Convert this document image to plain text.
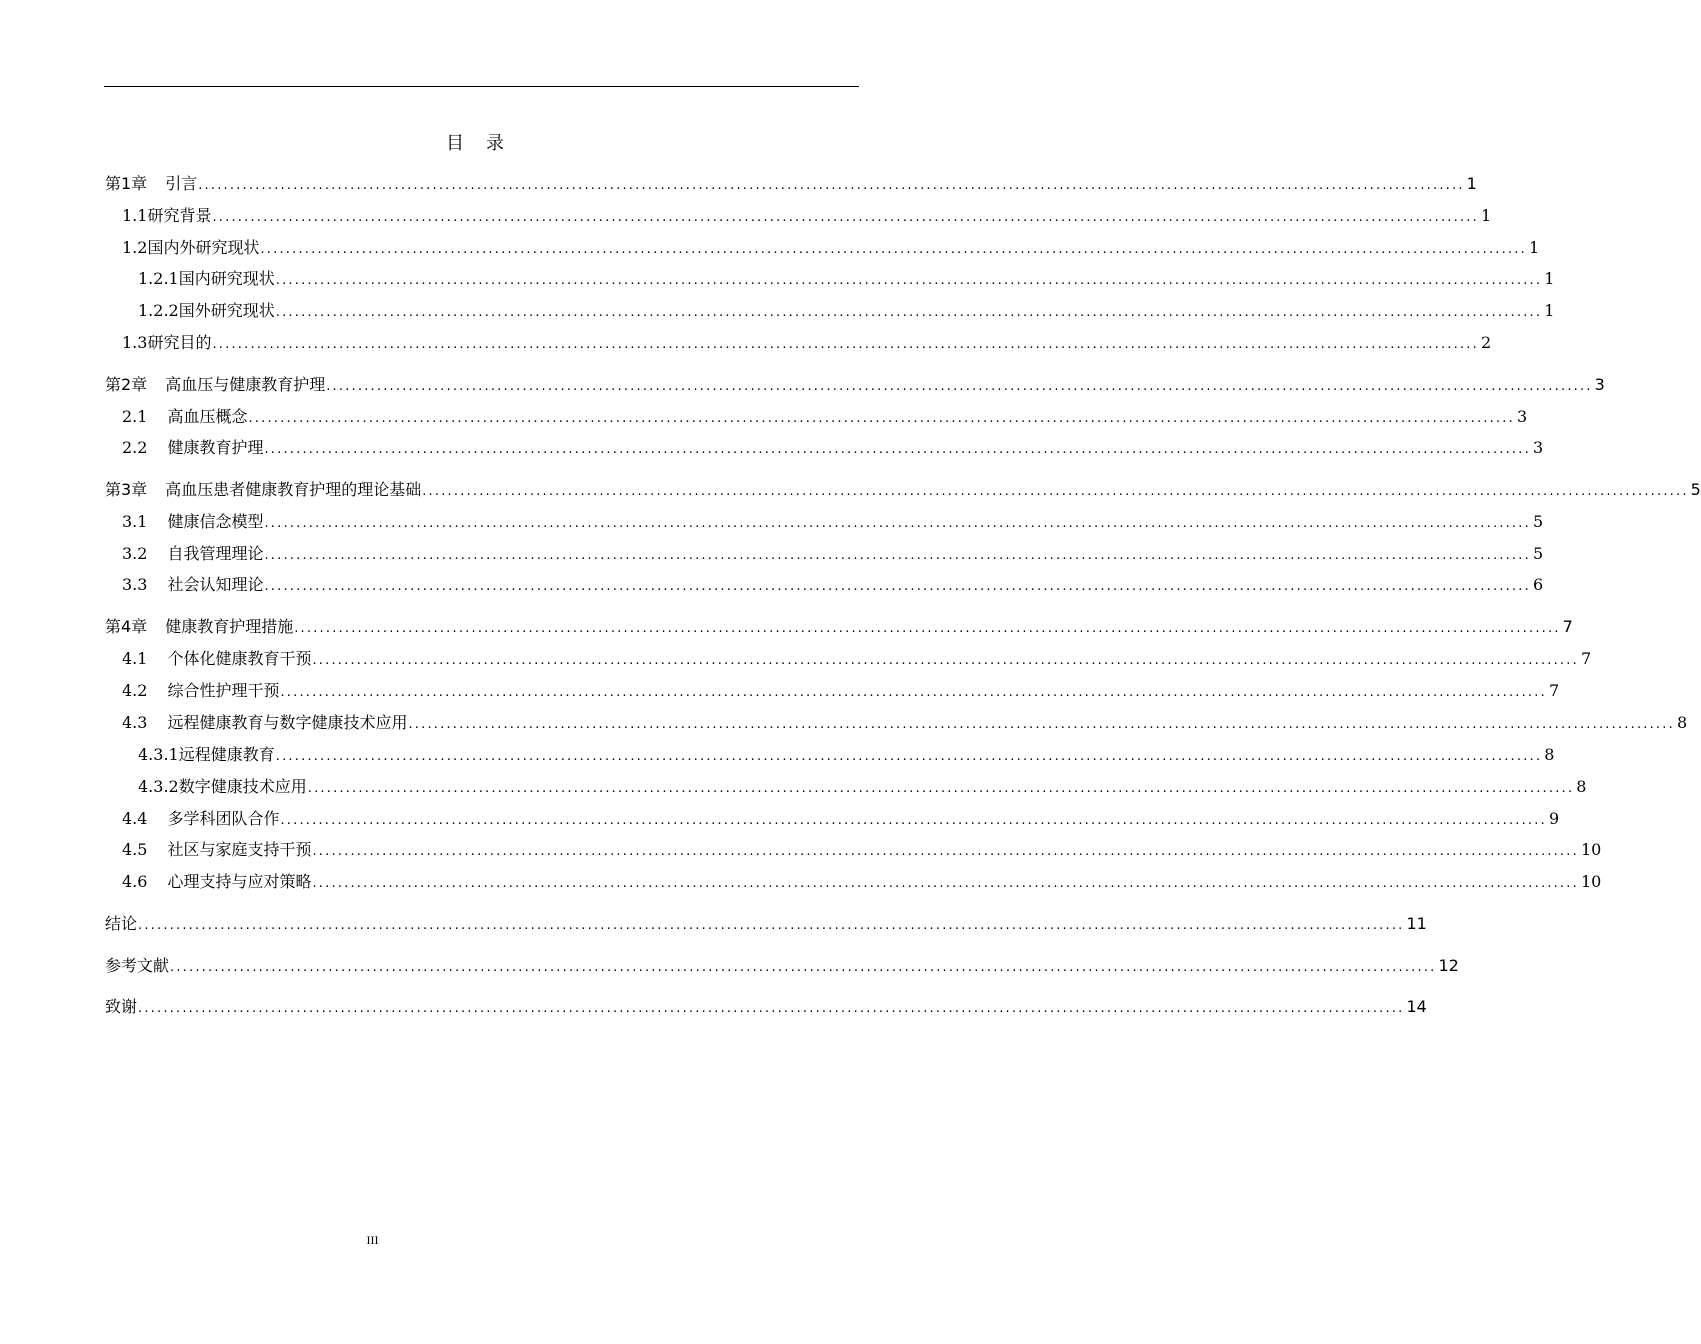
目 录
第1章 引言 ........................................................................................................................................................................................................ 1
1.1研究背景 ........................................................................................................................................................................................................ 1
1.2国内外研究现状 ........................................................................................................................................................................................................ 1
1.2.1国内研究现状 ........................................................................................................................................................................................................ 1
1.2.2国外研究现状 ........................................................................................................................................................................................................ 1
1.3研究目的 ........................................................................................................................................................................................................ 2
第2章 高血压与健康教育护理 ........................................................................................................................................................................................................ 3
2.1 高血压概念 ........................................................................................................................................................................................................ 3
2.2 健康教育护理 ........................................................................................................................................................................................................ 3
第3章 高血压患者健康教育护理的理论基础 ........................................................................................................................................................................................................ 5
3.1 健康信念模型 ........................................................................................................................................................................................................ 5
3.2 自我管理理论 ........................................................................................................................................................................................................ 5
3.3 社会认知理论 ........................................................................................................................................................................................................ 6
第4章 健康教育护理措施 ........................................................................................................................................................................................................ 7
4.1 个体化健康教育干预 ........................................................................................................................................................................................................ 7
4.2 综合性护理干预 ........................................................................................................................................................................................................ 7
4.3 远程健康教育与数字健康技术应用 ........................................................................................................................................................................................................ 8
4.3.1远程健康教育 ........................................................................................................................................................................................................ 8
4.3.2数字健康技术应用 ........................................................................................................................................................................................................ 8
4.4 多学科团队合作 ........................................................................................................................................................................................................ 9
4.5 社区与家庭支持干预 ........................................................................................................................................................................................................ 10
4.6 心理支持与应对策略 ........................................................................................................................................................................................................ 10
结论 ........................................................................................................................................................................................................ 11
参考文献 ........................................................................................................................................................................................................ 12
致谢 ........................................................................................................................................................................................................ 14
III
